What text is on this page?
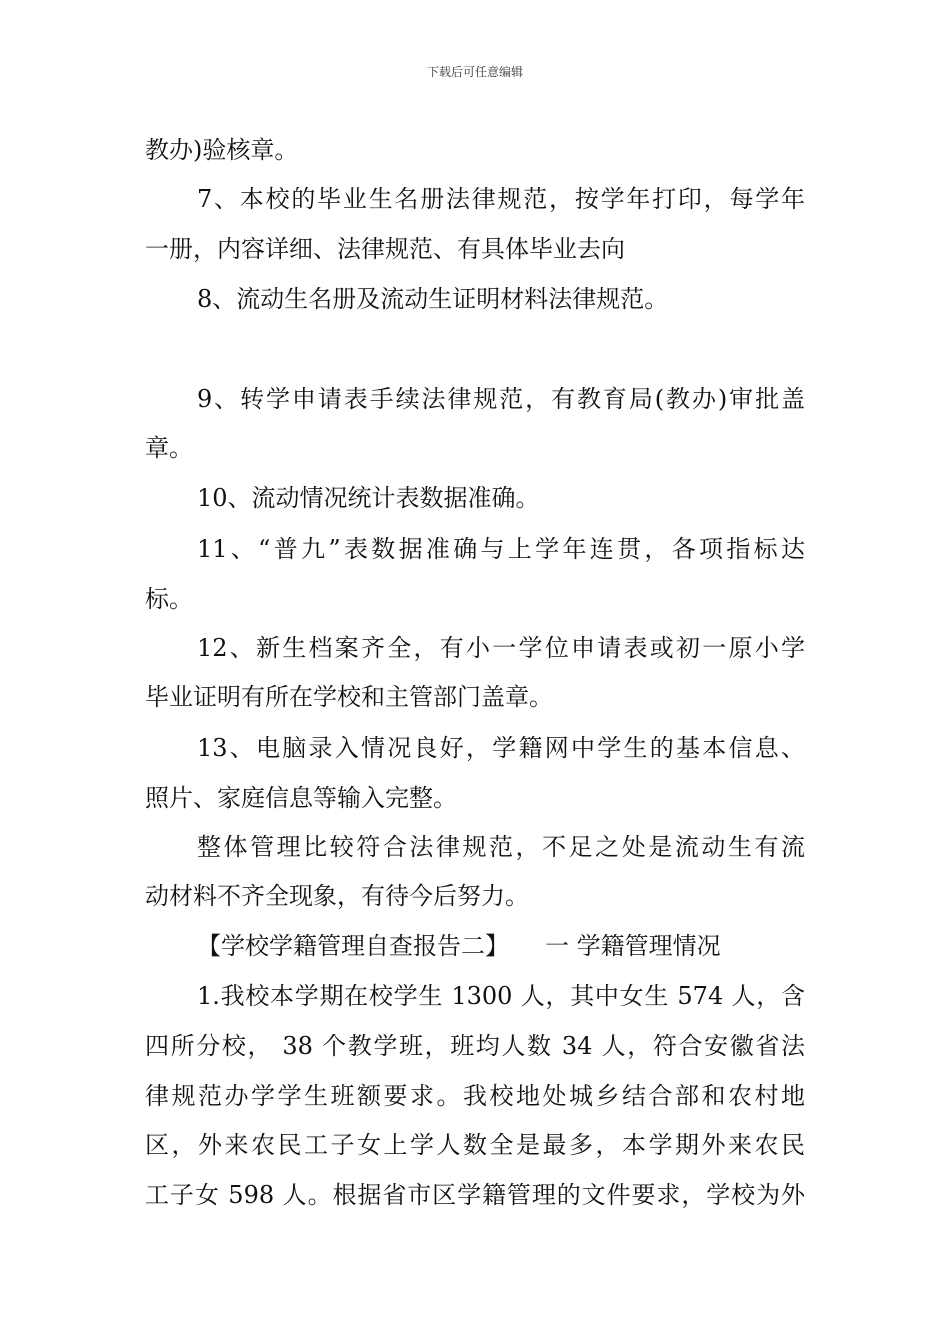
下载后可任意编辑
教办)验核章。
7、本校的毕业生名册法律规范，按学年打印，每学年
一册，内容详细、法律规范、有具体毕业去向
8、流动生名册及流动生证明材料法律规范。
9、转学申请表手续法律规范，有教育局(教办)审批盖
章。
10、流动情况统计表数据准确。
11、“普九”表数据准确与上学年连贯，各项指标达
标。
12、新生档案齐全，有小一学位申请表或初一原小学
毕业证明有所在学校和主管部门盖章。
13、电脑录入情况良好，学籍网中学生的基本信息、
照片、家庭信息等输入完整。
整体管理比较符合法律规范，不足之处是流动生有流
动材料不齐全现象，有待今后努力。
【学校学籍管理自查报告二】　　一 学籍管理情况
1.我校本学期在校学生 1300 人，其中女生 574 人，含
四所分校， 38 个教学班，班均人数 34 人，符合安徽省法
律规范办学学生班额要求。我校地处城乡结合部和农村地
区，外来农民工子女上学人数全是最多，本学期外来农民
工子女 598 人。根据省市区学籍管理的文件要求，学校为外
